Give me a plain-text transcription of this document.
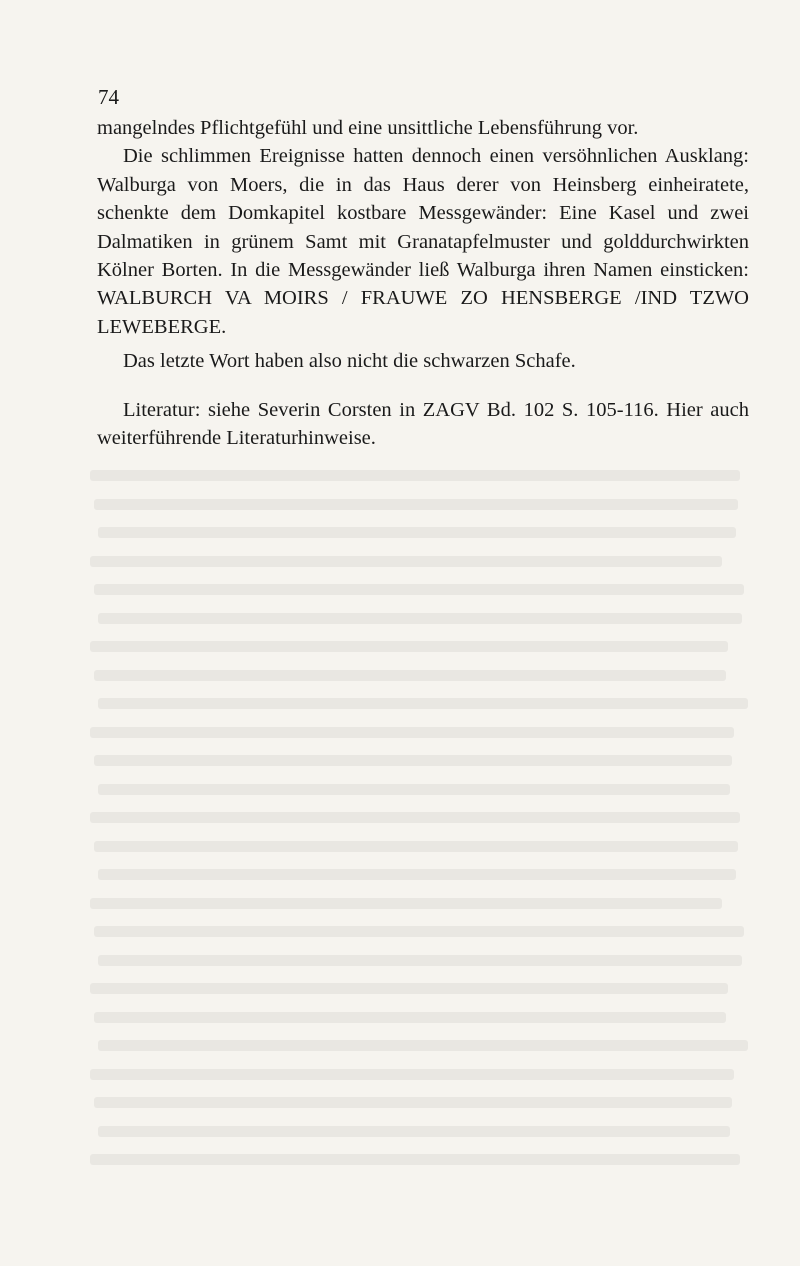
74

mangelndes Pflichtgefühl und eine unsittliche Lebensführung vor.

Die schlimmen Ereignisse hatten dennoch einen versöhnlichen Ausklang: Walburga von Moers, die in das Haus derer von Heinsberg einheiratete, schenkte dem Domkapitel kostbare Messgewänder: Eine Kasel und zwei Dalmatiken in grünem Samt mit Granatapfelmuster und golddurchwirkten Kölner Borten. In die Messgewänder ließ Walburga ihren Namen einsticken: WALBURCH VA MOIRS / FRAUWE ZO HENSBERGE /IND TZWO LEWEBERGE.

Das letzte Wort haben also nicht die schwarzen Schafe.

Literatur: siehe Severin Corsten in ZAGV Bd. 102 S. 105-116. Hier auch weiterführende Literaturhinweise.
